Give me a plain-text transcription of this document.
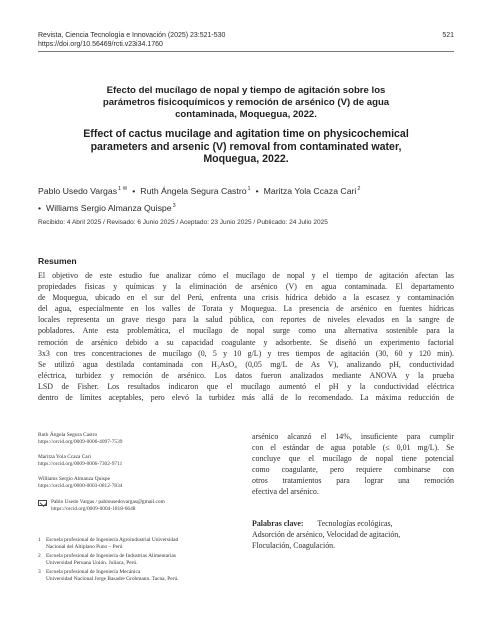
Revista, Ciencia Tecnología e Innovación (2025) 23:521-530	521
https://doi.org/10.56469/rcti.v23i34.1760
Efecto del mucílago de nopal y tiempo de agitación sobre los
parámetros fisicoquímicos y remoción de arsénico (V) de agua
contaminada, Moquegua, 2022.
Effect of cactus mucilage and agitation time on physicochemical
parameters and arsenic (V) removal from contaminated water,
Moquegua, 2022.
Pablo Usedo Vargas$^{1 ✉}$ • Ruth Ángela Segura Castro$^1$ • Maritza Yola Ccaza Cari$^2$
• Williams Sergio Almanza Quispe$^3$
Recibido: 4 Abril 2025 / Revisado: 6 Junio 2025 / Aceptado: 23 Junio 2025 / Publicado: 24 Julio 2025
Resumen
El objetivo de este estudio fue analizar cómo el mucílago de nopal y el tiempo de agitación afectan las
propiedades físicas y químicas y la eliminación de arsénico (V) en agua contaminada. El departamento
de Moquegua, ubicado en el sur del Perú, enfrenta una crisis hídrica debido a la escasez y contaminación
del agua, especialmente en los valles de Torata y Moquegua. La presencia de arsénico en fuentes hídricas
locales representa un grave riesgo para la salud pública, con reportes de niveles elevados en la sangre de
pobladores. Ante esta problemática, el mucílago de nopal surge como una alternativa sostenible para la
remoción de arsénico debido a su capacidad coagulante y adsorbente. Se diseñó un experimento factorial
3x3 con tres concentraciones de mucílago (0, 5 y 10 g/L) y tres tiempos de agitación (30, 60 y 120 min).
Se utilizó agua destilada contaminada con H₃AsO₄ (0,05 mg/L de As V), analizando pH, conductividad
eléctrica, turbidez y remoción de arsénico. Los datos fueron analizados mediante ANOVA y la prueba
LSD de Fisher. Los resultados indicaron que el mucílago aumentó el pH y la conductividad eléctrica
dentro de límites aceptables, pero elevó la turbidez más allá de lo recomendado. La máxima reducción de
Ruth Ángela Segura Castro
https://orcid.org/0009-0006-4097-7539
Maritza Yola Ccaza Cari
https://orcid.org/0009-0006-7302-9711
Williams Sergio Almanza Quispe
https://orcid.org/0000-0003-0812-7834
Pablo Usedo Vargas / pablousedovargas@gmail.com
https://orcid.org/0009-0004-1818-6648
1 Escuela profesional de Ingeniería Agroindustrial Universidad
Nacional del Altiplano Puno – Perú
2 Escuela profesional de Ingeniería de Industrias Alimentarias
Universidad Peruana Unión. Juliaca, Perú.
3 Escuela profesional de Ingeniería Mecánica
Universidad Nacional Jorge Basadre Grohmann. Tacna, Perú.
arsénico alcanzó el 14%, insuficiente para cumplir
con el estándar de agua potable (≤ 0,01 mg/L). Se
concluye que el mucílago de nopal tiene potencial
como coagulante, pero requiere combinarse con
otros tratamientos para lograr una remoción
efectiva del arsénico.
Palabras clave: Tecnologías ecológicas,
Adsorción de arsénico, Velocidad de agitación,
Floculación, Coagulación.
